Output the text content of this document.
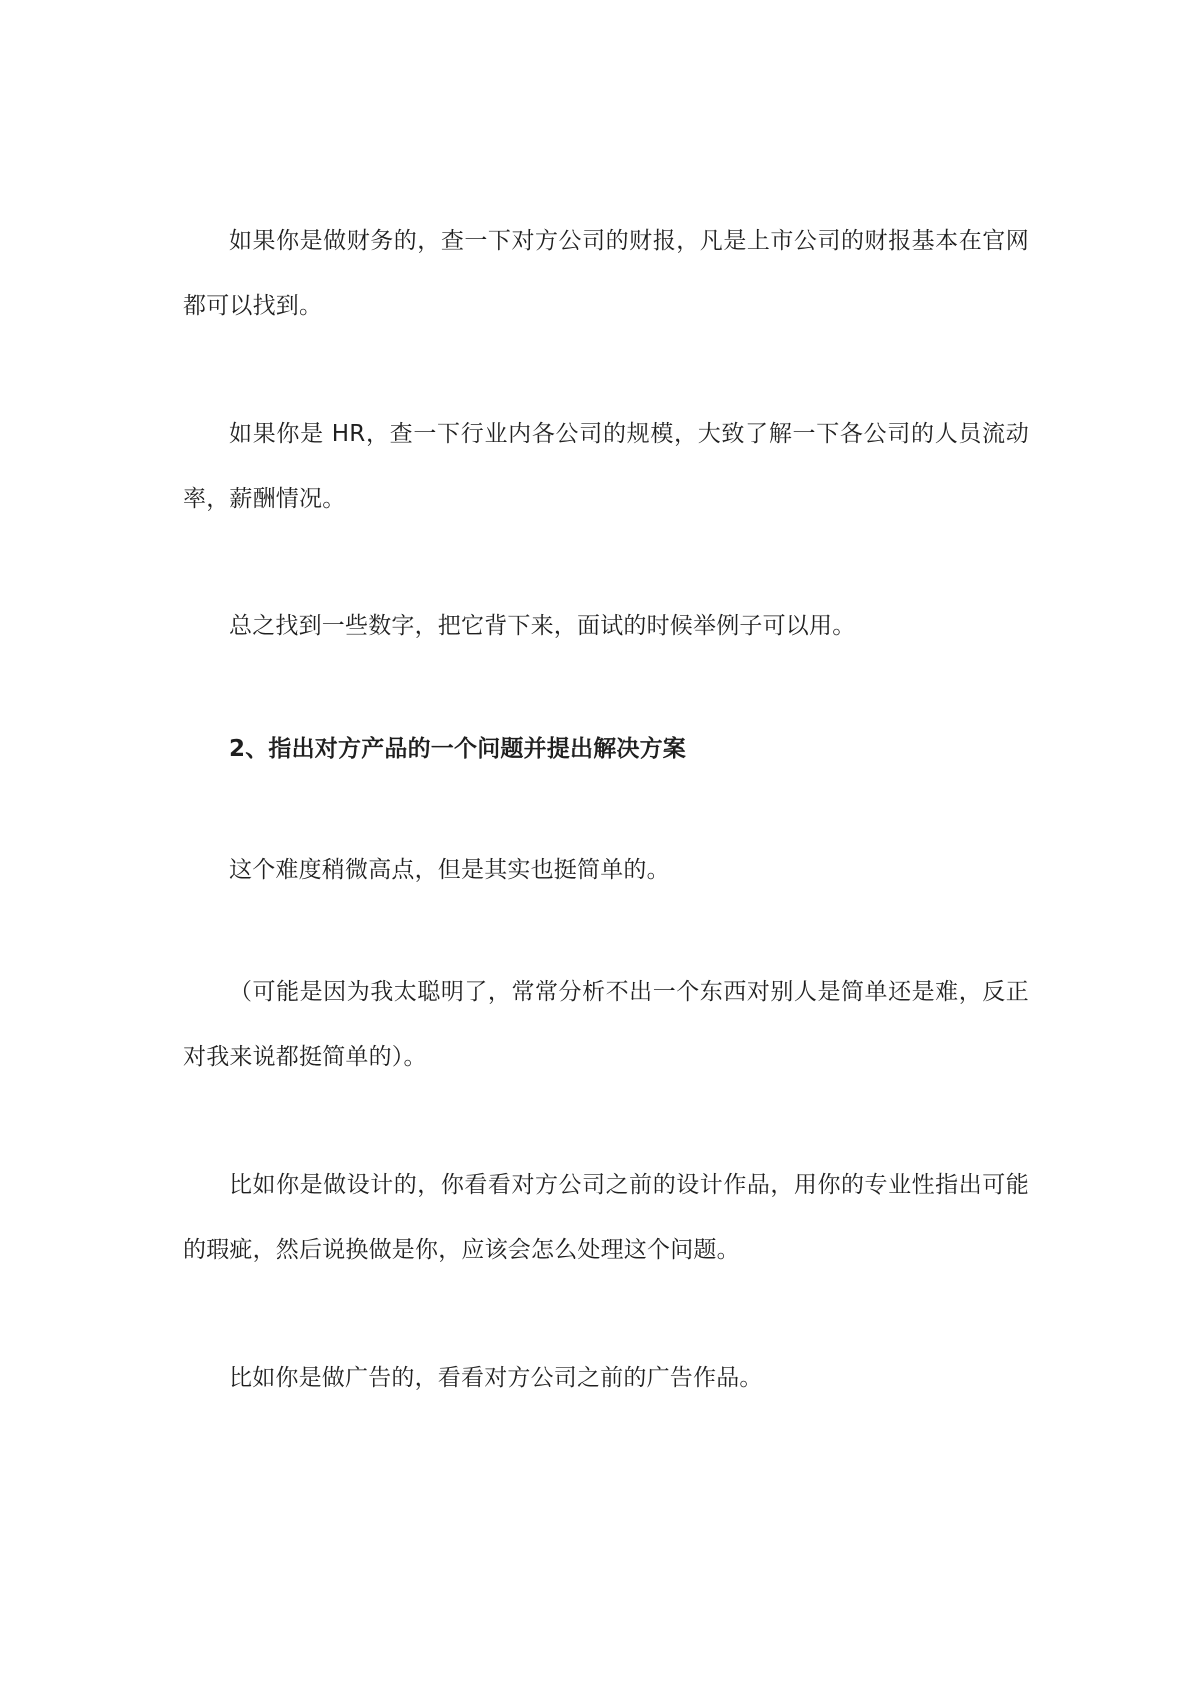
如果你是做财务的，查一下对方公司的财报，凡是上市公司的财报基本在官网都可以找到。

如果你是 HR，查一下行业内各公司的规模，大致了解一下各公司的人员流动率，薪酬情况。

总之找到一些数字，把它背下来，面试的时候举例子可以用。

2、指出对方产品的一个问题并提出解决方案

这个难度稍微高点，但是其实也挺简单的。

（可能是因为我太聪明了，常常分析不出一个东西对别人是简单还是难，反正对我来说都挺简单的）。

比如你是做设计的，你看看对方公司之前的设计作品，用你的专业性指出可能的瑕疵，然后说换做是你，应该会怎么处理这个问题。

比如你是做广告的，看看对方公司之前的广告作品。
